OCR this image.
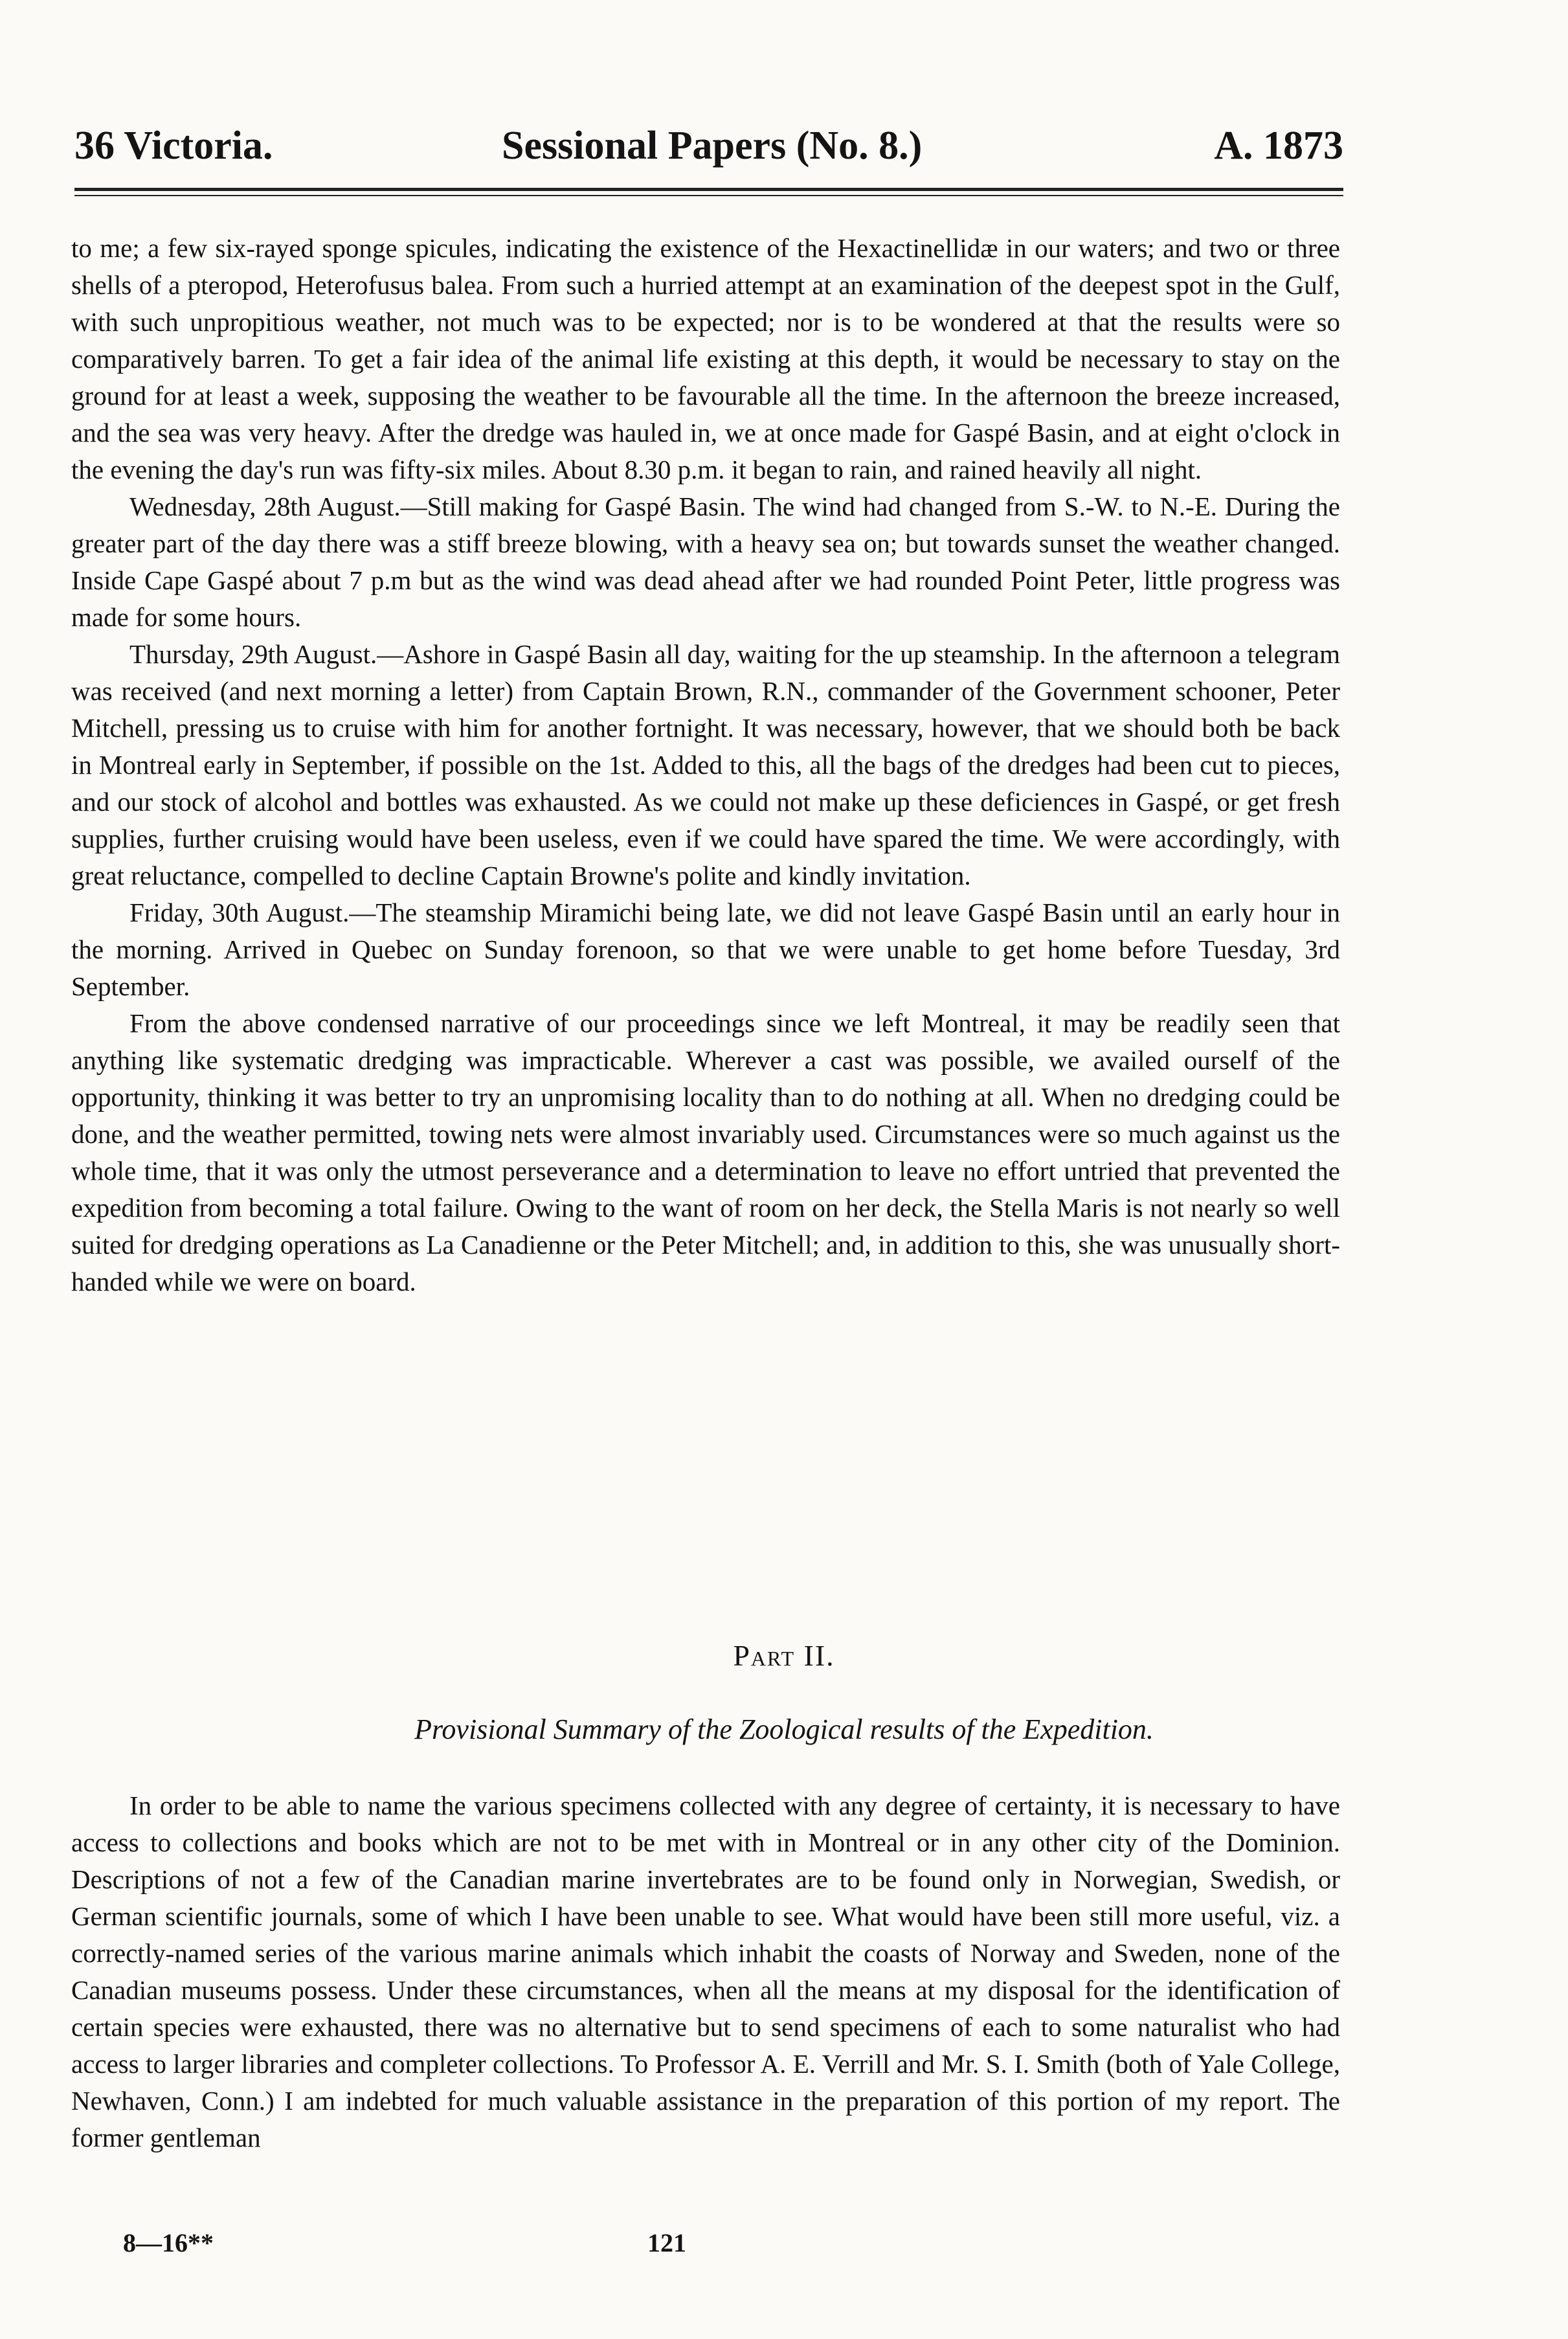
36 Victoria.	Sessional Papers (No. 8.)	A. 1873

to me; a few six-rayed sponge spicules, indicating the existence of the Hexactinellidæ in our waters; and two or three shells of a pteropod, Heterofusus balea. From such a hurried attempt at an examination of the deepest spot in the Gulf, with such unpropitious weather, not much was to be expected; nor is to be wondered at that the results were so comparatively barren. To get a fair idea of the animal life existing at this depth, it would be necessary to stay on the ground for at least a week, supposing the weather to be favourable all the time. In the afternoon the breeze increased, and the sea was very heavy. After the dredge was hauled in, we at once made for Gaspé Basin, and at eight o'clock in the evening the day's run was fifty-six miles. About 8.30 p.m. it began to rain, and rained heavily all night.

Wednesday, 28th August.—Still making for Gaspé Basin. The wind had changed from S.-W. to N.-E. During the greater part of the day there was a stiff breeze blowing, with a heavy sea on; but towards sunset the weather changed. Inside Cape Gaspé about 7 p.m but as the wind was dead ahead after we had rounded Point Peter, little progress was made for some hours.

Thursday, 29th August.—Ashore in Gaspé Basin all day, waiting for the up steamship. In the afternoon a telegram was received (and next morning a letter) from Captain Brown, R.N., commander of the Government schooner, Peter Mitchell, pressing us to cruise with him for another fortnight. It was necessary, however, that we should both be back in Montreal early in September, if possible on the 1st. Added to this, all the bags of the dredges had been cut to pieces, and our stock of alcohol and bottles was exhausted. As we could not make up these deficiences in Gaspé, or get fresh supplies, further cruising would have been useless, even if we could have spared the time. We were accordingly, with great reluctance, compelled to decline Captain Browne's polite and kindly invitation.

Friday, 30th August.—The steamship Miramichi being late, we did not leave Gaspé Basin until an early hour in the morning. Arrived in Quebec on Sunday forenoon, so that we were unable to get home before Tuesday, 3rd September.

From the above condensed narrative of our proceedings since we left Montreal, it may be readily seen that anything like systematic dredging was impracticable. Wherever a cast was possible, we availed ourself of the opportunity, thinking it was better to try an unpromising locality than to do nothing at all. When no dredging could be done, and the weather permitted, towing nets were almost invariably used. Circumstances were so much against us the whole time, that it was only the utmost perseverance and a determination to leave no effort untried that prevented the expedition from becoming a total failure. Owing to the want of room on her deck, the Stella Maris is not nearly so well suited for dredging operations as La Canadienne or the Peter Mitchell; and, in addition to this, she was unusually short-handed while we were on board.

Part II.
Provisional Summary of the Zoological results of the Expedition.

In order to be able to name the various specimens collected with any degree of certainty, it is necessary to have access to collections and books which are not to be met with in Montreal or in any other city of the Dominion. Descriptions of not a few of the Canadian marine invertebrates are to be found only in Norwegian, Swedish, or German scientific journals, some of which I have been unable to see. What would have been still more useful, viz. a correctly-named series of the various marine animals which inhabit the coasts of Norway and Sweden, none of the Canadian museums possess. Under these circumstances, when all the means at my disposal for the identification of certain species were exhausted, there was no alternative but to send specimens of each to some naturalist who had access to larger libraries and completer collections. To Professor A. E. Verrill and Mr. S. I. Smith (both of Yale College, Newhaven, Conn.) I am indebted for much valuable assistance in the preparation of this portion of my report. The former gentleman

8—16**	121
